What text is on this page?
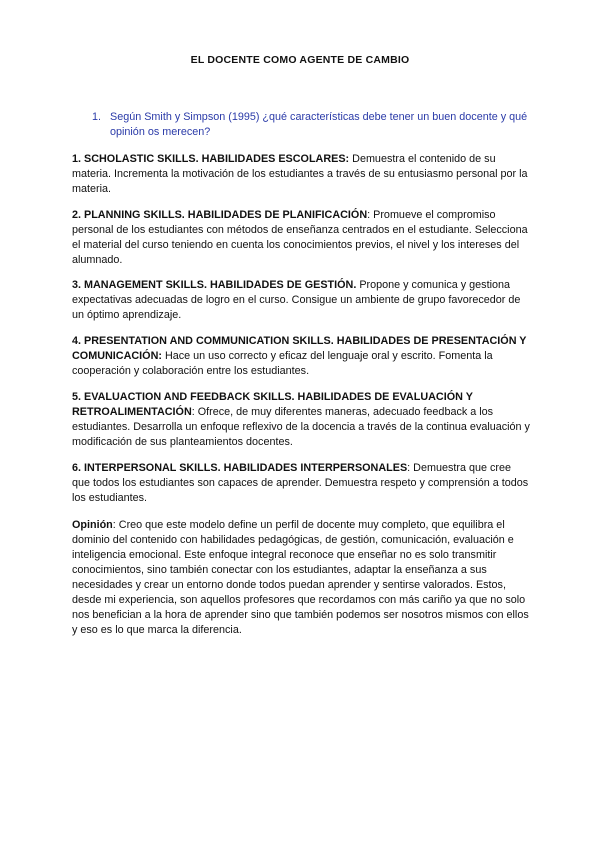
EL DOCENTE COMO AGENTE DE CAMBIO
1. Según Smith y Simpson (1995) ¿qué características debe tener un buen docente y qué opinión os merecen?
1. SCHOLASTIC SKILLS. HABILIDADES ESCOLARES: Demuestra el contenido de su materia. Incrementa la motivación de los estudiantes a través de su entusiasmo personal por la materia.
2. PLANNING SKILLS. HABILIDADES DE PLANIFICACIÓN: Promueve el compromiso personal de los estudiantes con métodos de enseñanza centrados en el estudiante. Selecciona el material del curso teniendo en cuenta los conocimientos previos, el nivel y los intereses del alumnado.
3. MANAGEMENT SKILLS. HABILIDADES DE GESTIÓN. Propone y comunica y gestiona expectativas adecuadas de logro en el curso. Consigue un ambiente de grupo favorecedor de un óptimo aprendizaje.
4. PRESENTATION AND COMMUNICATION SKILLS. HABILIDADES DE PRESENTACIÓN Y COMUNICACIÓN: Hace un uso correcto y eficaz del lenguaje oral y escrito. Fomenta la cooperación y colaboración entre los estudiantes.
5. EVALUACTION AND FEEDBACK SKILLS. HABILIDADES DE EVALUACIÓN Y RETROALIMENTACIÓN: Ofrece, de muy diferentes maneras, adecuado feedback a los estudiantes. Desarrolla un enfoque reflexivo de la docencia a través de la continua evaluación y modificación de sus planteamientos docentes.
6. INTERPERSONAL SKILLS. HABILIDADES INTERPERSONALES: Demuestra que cree que todos los estudiantes son capaces de aprender. Demuestra respeto y comprensión a todos los estudiantes.
Opinión: Creo que este modelo define un perfil de docente muy completo, que equilibra el dominio del contenido con habilidades pedagógicas, de gestión, comunicación, evaluación e inteligencia emocional. Este enfoque integral reconoce que enseñar no es solo transmitir conocimientos, sino también conectar con los estudiantes, adaptar la enseñanza a sus necesidades y crear un entorno donde todos puedan aprender y sentirse valorados. Estos, desde mi experiencia, son aquellos profesores que recordamos con más cariño ya que no solo nos benefician a la hora de aprender sino que también podemos ser nosotros mismos con ellos y eso es lo que marca la diferencia.
